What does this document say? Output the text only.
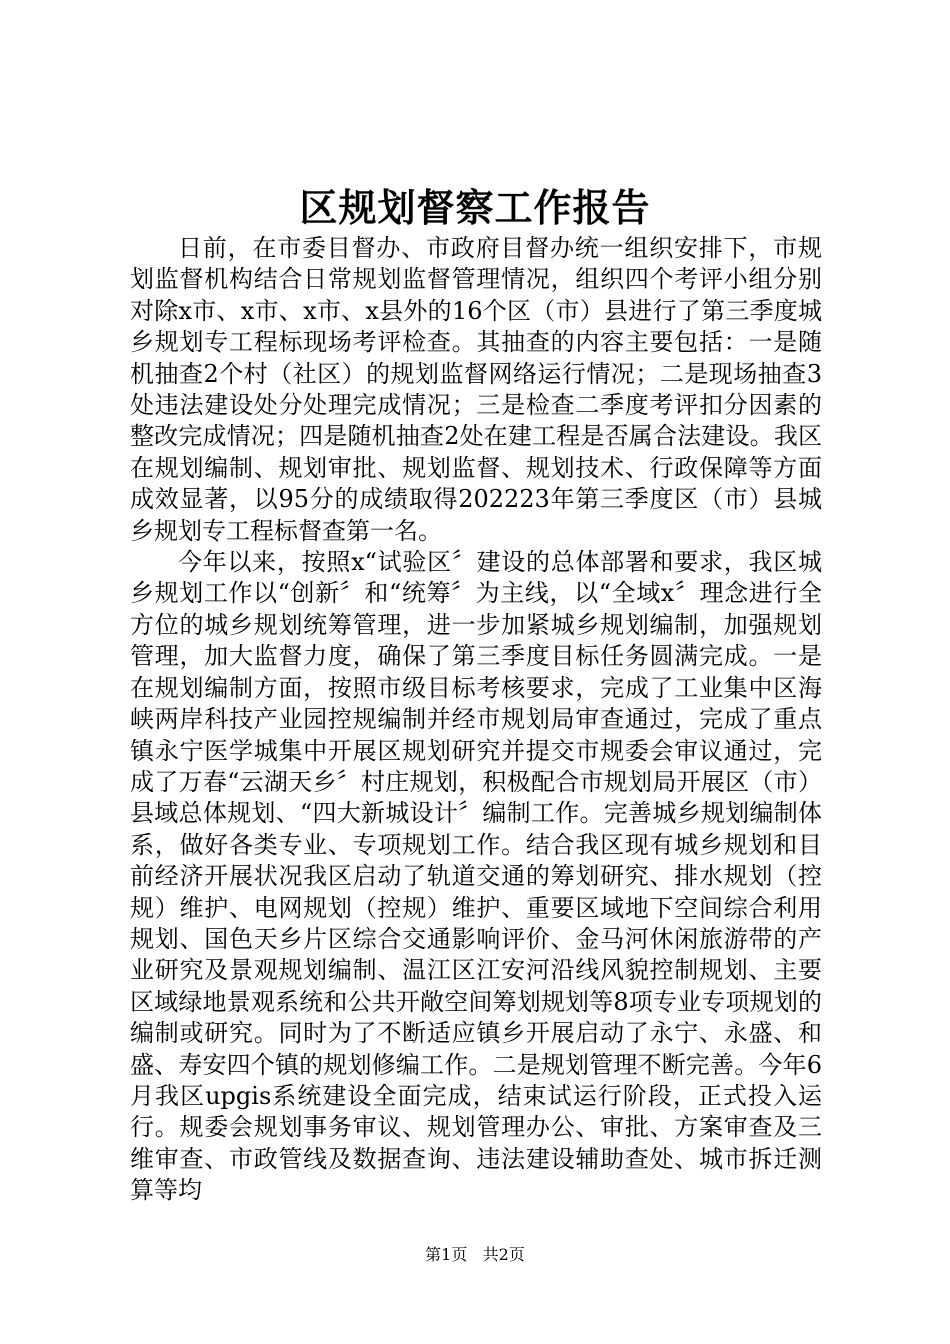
区规划督察工作报告

日前，在市委目督办、市政府目督办统一组织安排下，市规划监督机构结合日常规划监督管理情况，组织四个考评小组分别对除x市、x市、x市、x县外的16个区（市）县进行了第三季度城乡规划专工程标现场考评检查。其抽查的内容主要包括：一是随机抽查2个村（社区）的规划监督网络运行情况；二是现场抽查3处违法建设处分处理完成情况；三是检查二季度考评扣分因素的整改完成情况；四是随机抽查2处在建工程是否属合法建设。我区在规划编制、规划审批、规划监督、规划技术、行政保障等方面成效显著，以95分的成绩取得202223年第三季度区（市）县城乡规划专工程标督查第一名。

今年以来，按照x“试验区〞建设的总体部署和要求，我区城乡规划工作以“创新〞和“统筹〞为主线，以“全域x〞理念进行全方位的城乡规划统筹管理，进一步加紧城乡规划编制，加强规划管理，加大监督力度，确保了第三季度目标任务圆满完成。一是在规划编制方面，按照市级目标考核要求，完成了工业集中区海峡两岸科技产业园控规编制并经市规划局审查通过，完成了重点镇永宁医学城集中开展区规划研究并提交市规委会审议通过，完成了万春“云湖天乡〞村庄规划，积极配合市规划局开展区（市）县域总体规划、“四大新城设计〞编制工作。完善城乡规划编制体系，做好各类专业、专项规划工作。结合我区现有城乡规划和目前经济开展状况我区启动了轨道交通的筹划研究、排水规划（控规）维护、电网规划（控规）维护、重要区域地下空间综合利用规划、国色天乡片区综合交通影响评价、金马河休闲旅游带的产业研究及景观规划编制、温江区江安河沿线风貌控制规划、主要区域绿地景观系统和公共开敞空间筹划规划等8项专业专项规划的编制或研究。同时为了不断适应镇乡开展启动了永宁、永盛、和盛、寿安四个镇的规划修编工作。二是规划管理不断完善。今年6月我区upgis系统建设全面完成，结束试运行阶段，正式投入运行。规委会规划事务审议、规划管理办公、审批、方案审查及三维审查、市政管线及数据查询、违法建设辅助查处、城市拆迁测算等均

第1页 共2页
